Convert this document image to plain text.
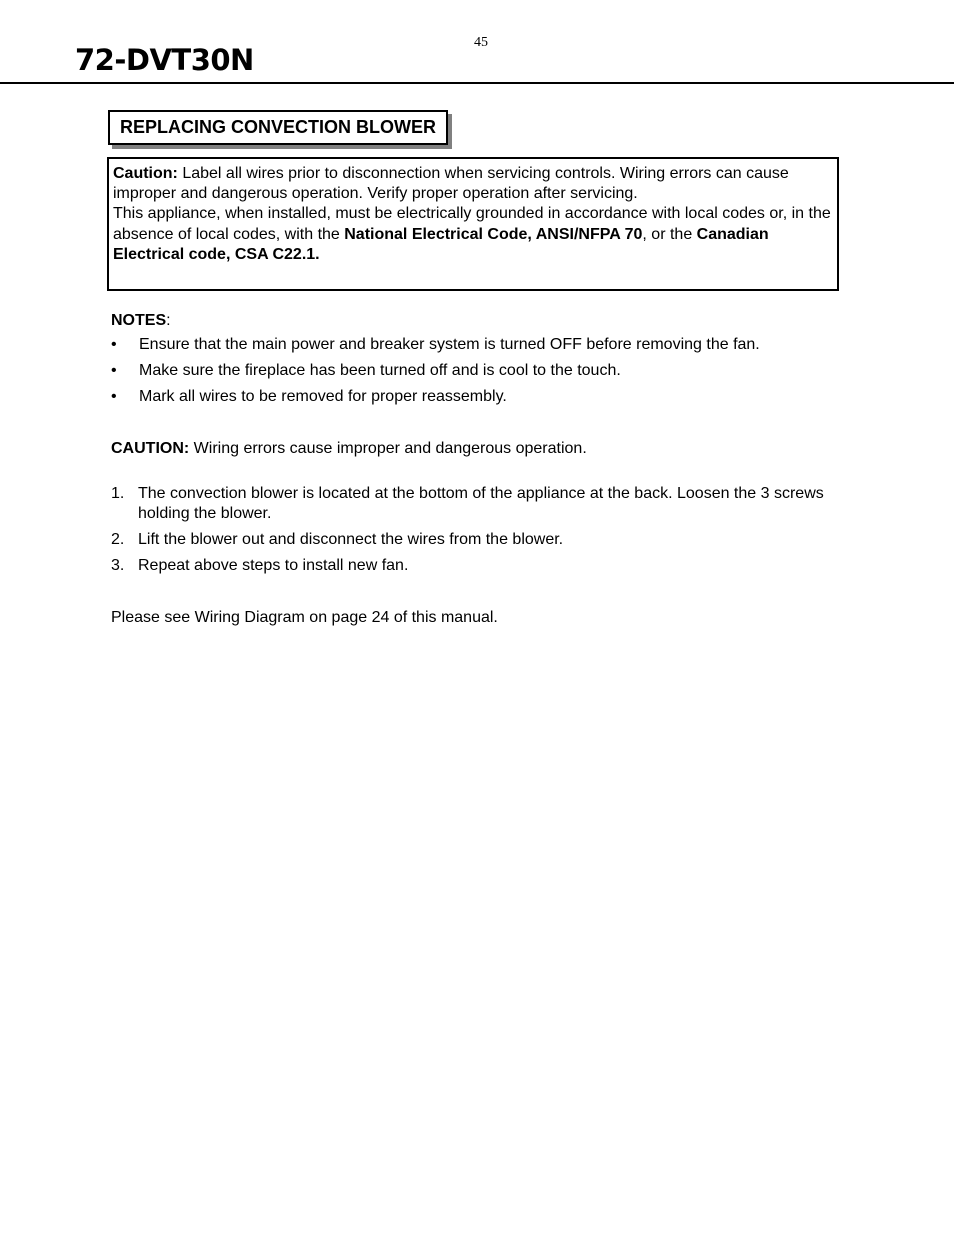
45
72-DVT30N
REPLACING CONVECTION BLOWER

Caution: Label all wires prior to disconnection when servicing controls. Wiring errors can cause improper and dangerous operation. Verify proper operation after servicing.

This appliance, when installed, must be electrically grounded in accordance with local codes or, in the absence of local codes, with the National Electrical Code, ANSI/NFPA 70, or the Canadian Electrical code, CSA C22.1.

NOTES:
• Ensure that the main power and breaker system is turned OFF before removing the fan.
• Make sure the fireplace has been turned off and is cool to the touch.
• Mark all wires to be removed for proper reassembly.
CAUTION: Wiring errors cause improper and dangerous operation.
1. The convection blower is located at the bottom of the appliance at the back. Loosen the 3 screws holding the blower.
2. Lift the blower out and disconnect the wires from the blower.
3. Repeat above steps to install new fan.
Please see Wiring Diagram on page 24 of this manual.
